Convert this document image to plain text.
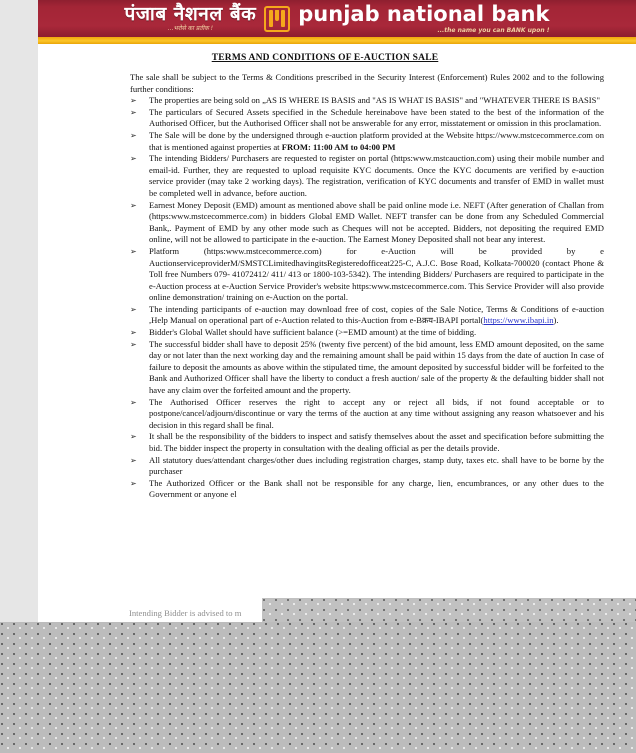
पंजाब नैशनल बैंक
...भरोसे का प्रतीक !
punjab national bank
...the name you can BANK upon !
TERMS AND CONDITIONS OF E-AUCTION SALE

The sale shall be subject to the Terms & Conditions prescribed in the Security Interest (Enforcement) Rules 2002 and to the following further conditions:

➢ The properties are being sold on „AS IS WHERE IS BASIS and "AS IS WHAT IS BASIS" and "WHATEVER THERE IS BASIS"
➢ The particulars of Secured Assets specified in the Schedule hereinabove have been stated to the best of the information of the Authorised Officer, but the Authorised Officer shall not be answerable for any error, misstatement or omission in this proclamation.
➢ The Sale will be done by the undersigned through e-auction platform provided at the Website https://www.mstcecommerce.com on that is mentioned against properties at FROM: 11:00 AM to 04:00 PM
➢ The intending Bidders/ Purchasers are requested to register on portal (https:www.mstcauction.com) using their mobile number and email-id. Further, they are requested to upload requisite KYC documents. Once the KYC documents are verified by e-auction service provider (may take 2 working days). The registration, verification of KYC documents and transfer of EMD in wallet must be completed well in advance, before auction.
➢ Earnest Money Deposit (EMD) amount as mentioned above shall be paid online mode i.e. NEFT (After generation of Challan from (https:www.mstcecommerce.com) in bidders Global EMD Wallet. NEFT transfer can be done from any Scheduled Commercial Bank,. Payment of EMD by any other mode such as Cheques will not be accepted. Bidders, not depositing the required EMD online, will not be allowed to participate in the e-auction. The Earnest Money Deposited shall not bear any interest.
➢ Platform (https:www.mstcecommerce.com) for e-Auction will be provided by e AuctionserviceproviderM/SMSTCLimitedhavingitsRegisteredofficeat225-C, A.J.C. Bose Road, Kolkata-700020 (contact Phone & Toll free Numbers 079- 41072412/ 411/ 413 or 1800-103-5342). The intending Bidders/ Purchasers are required to participate in the e-Auction process at e-Auction Service Provider's website https:www.mstcecommerce.com. This Service Provider will also provide online demonstration/ training on e-Auction on the portal.
➢ The intending participants of e-auction may download free of cost, copies of the Sale Notice, Terms & Conditions of e-auction ,Help Manual on operational part of e-Auction related to this-Auction from e-Bक्रय-IBAPI portal(https://www.ibapi.in).
➢ Bidder's Global Wallet should have sufficient balance (>=EMD amount) at the time of bidding.
➢ The successful bidder shall have to deposit 25% (twenty five percent) of the bid amount, less EMD amount deposited, on the same day or not later than the next working day and the remaining amount shall be paid within 15 days from the date of auction In case of failure to deposit the amounts as above within the stipulated time, the amount deposited by successful bidder will be forfeited to the Bank and Authorized Officer shall have the liberty to conduct a fresh auction/ sale of the property & the defaulting bidder shall not have any claim over the forfeited amount and the property.
➢ The Authorised Officer reserves the right to accept any or reject all bids, if not found acceptable or to postpone/cancel/adjourn/discontinue or vary the terms of the auction at any time without assigning any reason whatsoever and his decision in this regard shall be final.
➢ It shall be the responsibility of the bidders to inspect and satisfy themselves about the asset and specification before submitting the bid. The bidder inspect the property in consultation with the dealing official as per the details provide.
➢ All statutory dues/attendant charges/other dues including registration charges, stamp duty, taxes etc. shall have to be borne by the purchaser
➢ The Authorized Officer or the Bank shall not be responsible for any charge, lien, encumbrances, or any other dues to the Government or anyone el
Intending Bidder is advised to m
